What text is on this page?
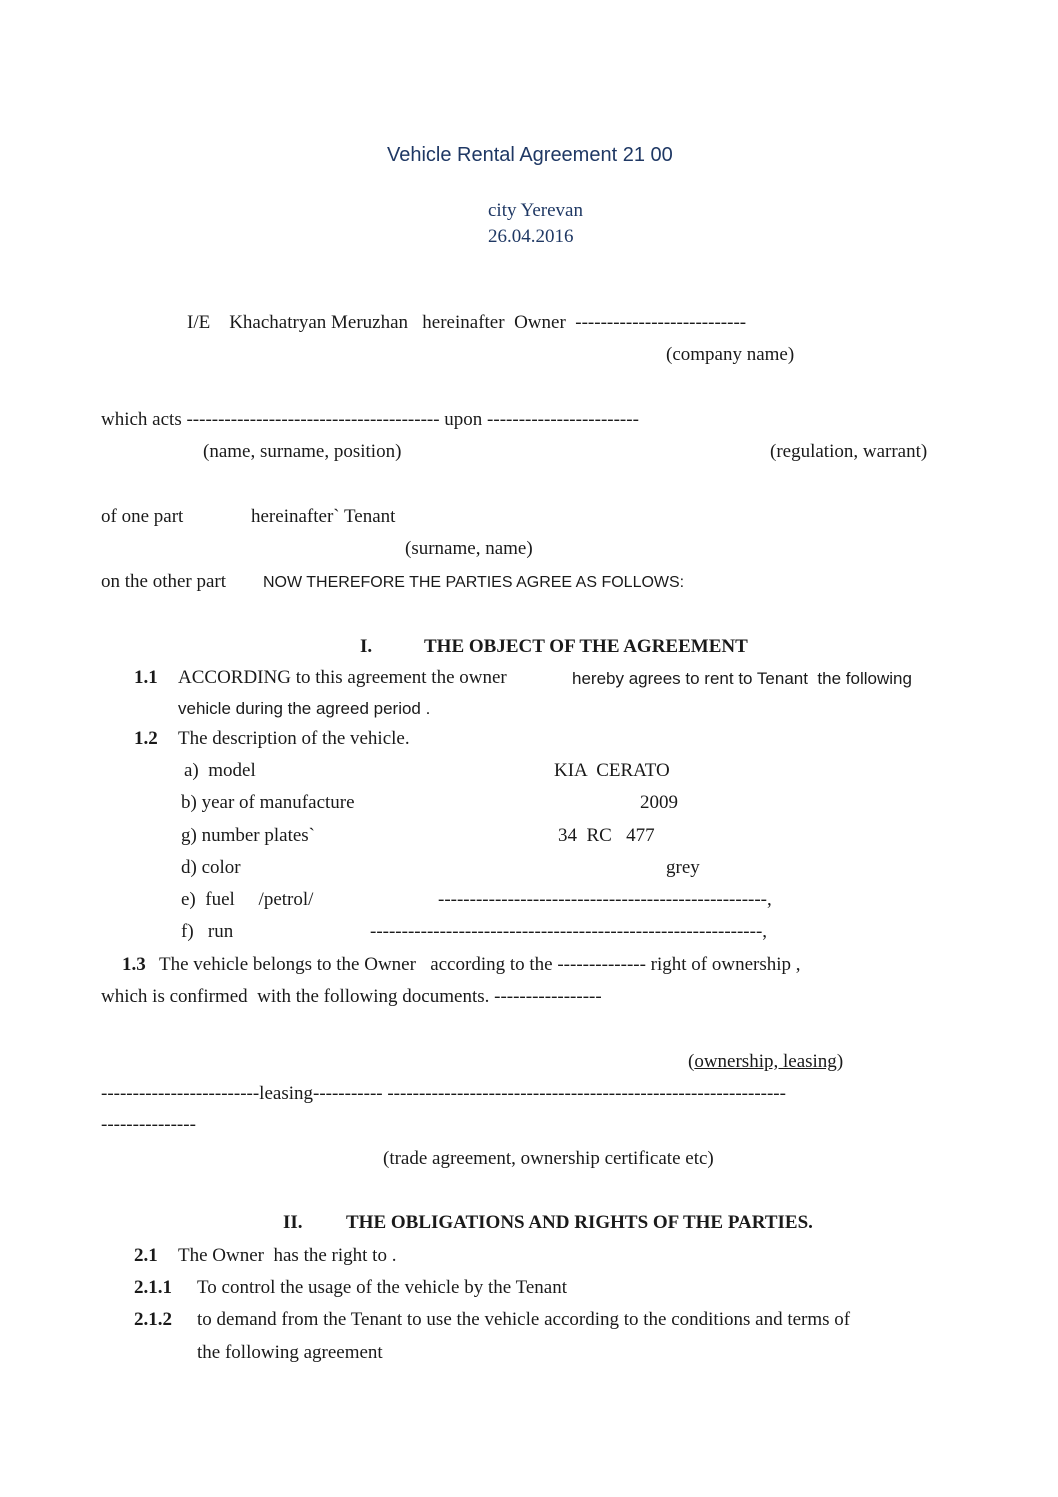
Vehicle Rental Agreement 21 00
city Yerevan
26.04.2016
I/E    Khachatryan Meruzhan   hereinafter  Owner  ---------------------------
(company name)
which acts ---------------------------------------- upon ------------------------
(name, surname, position)	(regulation, warrant)
of one part	hereinafter` Tenant
(surname, name)
on the other part NOW THEREFORE THE PARTIES AGREE AS FOLLOWS:
I.	THE OBJECT OF THE AGREEMENT
1.1 ACCORDING to this agreement the owner	hereby agrees to rent to Tenant  the following
vehicle during the agreed period .
1.2 The description of the vehicle.
a)  model	KIA  CERATO
b) year of manufacture	2009
g) number plates`	34  RC   477
d) color	grey
e)  fuel     /petrol/	----------------------------------------------------,
f)   run	--------------------------------------------------------------,
1.3 The vehicle belongs to the Owner   according to the -------------- right of ownership ,
which is confirmed  with the following documents. -----------------
(ownership, leasing)
-------------------------leasing----------- ---------------------------------------------------------------
---------------
(trade agreement, ownership certificate etc)
II. THE OBLIGATIONS AND RIGHTS OF THE PARTIES.
2.1 The Owner  has the right to .
2.1.1 To control the usage of the vehicle by the Tenant
2.1.2 to demand from the Tenant to use the vehicle according to the conditions and terms of
the following agreement
